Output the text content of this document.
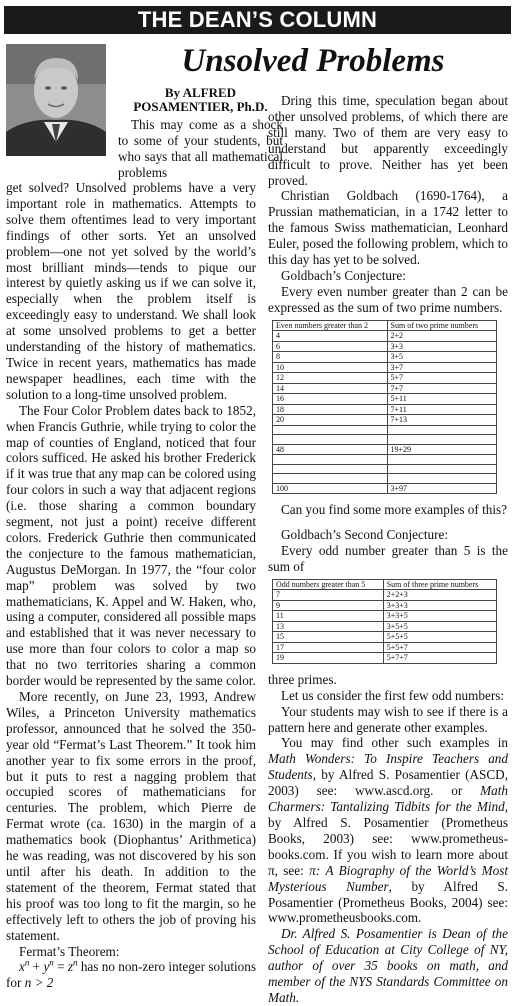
THE DEAN’S COLUMN
Unsolved Problems
By ALFRED POSAMENTIER, Ph.D.

This may come as a shock to some of your students, but who says that all mathematical problems

get solved? Unsolved problems have a very important role in mathematics. Attempts to solve them oftentimes lead to very important findings of other sorts. Yet an unsolved problem—one not yet solved by the world’s most brilliant minds—tends to pique our interest by quietly asking us if we can solve it, especially when the problem itself is exceedingly easy to understand. We shall look at some unsolved problems to get a better understanding of the history of mathematics. Twice in recent years, mathematics has made newspaper headlines, each time with the solution to a long-time unsolved problem.

The Four Color Problem dates back to 1852, when Francis Guthrie, while trying to color the map of counties of England, noticed that four colors sufficed. He asked his brother Frederick if it was true that any map can be colored using four colors in such a way that adjacent regions (i.e. those sharing a common boundary segment, not just a point) receive different colors. Frederick Guthrie then communicated the conjecture to the famous mathematician, Augustus DeMorgan. In 1977, the “four color map” problem was solved by two mathematicians, K. Appel and W. Haken, who, using a computer, considered all possible maps and established that it was never necessary to use more than four colors to color a map so that no two territories sharing a common border would be represented by the same color.

More recently, on June 23, 1993, Andrew Wiles, a Princeton University mathematics professor, announced that he solved the 350-year old “Fermat’s Last Theorem.” It took him another year to fix some errors in the proof, but it puts to rest a nagging problem that occupied scores of mathematicians for centuries. The problem, which Pierre de Fermat wrote (ca. 1630) in the margin of a mathematics book (Diophantus’ Arithmetica) he was reading, was not discovered by his son until after his death. In addition to the statement of the theorem, Fermat stated that his proof was too long to fit the margin, so he effectively left to others the job of proving his statement.

Fermat’s Theorem:

$x^n + y^n = z^n$ has no non-zero integer solutions for n > 2

Dring this time, speculation began about other unsolved problems, of which there are still many. Two of them are very easy to understand but apparently exceedingly difficult to prove. Neither has yet been proved.

Christian Goldbach (1690-1764), a Prussian mathematician, in a 1742 letter to the famous Swiss mathematician, Leonhard Euler, posed the following problem, which to this day has yet to be solved.

Goldbach’s Conjecture:

Every even number greater than 2 can be expressed as the sum of two prime numbers.

Even numbers greater than 2	Sum of two prime numbers
4	2+2
6	3+3
8	3+5
10	3+7
12	5+7
14	7+7
16	5+11
18	7+11
20	7+13

48	19+29

100	3+97

Can you find some more examples of this?

Goldbach’s Second Conjecture:

Every odd number greater than 5 is the sum of

Odd numbers greater than 5	Sum of three prime numbers
7	2+2+3
9	3+3+3
11	3+3+5
13	3+5+5
15	5+5+5
17	5+5+7
19	5+7+7

three primes.

Let us consider the first few odd numbers:

Your students may wish to see if there is a pattern here and generate other examples.

You may find other such examples in Math Wonders: To Inspire Teachers and Students, by Alfred S. Posamentier (ASCD, 2003) see: www.ascd.org. or Math Charmers: Tantalizing Tidbits for the Mind, by Alfred S. Posamentier (Prometheus Books, 2003) see: www.prometheus-books.com. If you wish to learn more about π, see: π: A Biography of the World’s Most Mysterious Number, by Alfred S. Posamentier (Prometheus Books, 2004) see: www.prometheusbooks.com.

Dr. Alfred S. Posamentier is Dean of the School of Education at City College of NY, author of over 35 books on math, and member of the NYS Standards Committee on Math.
